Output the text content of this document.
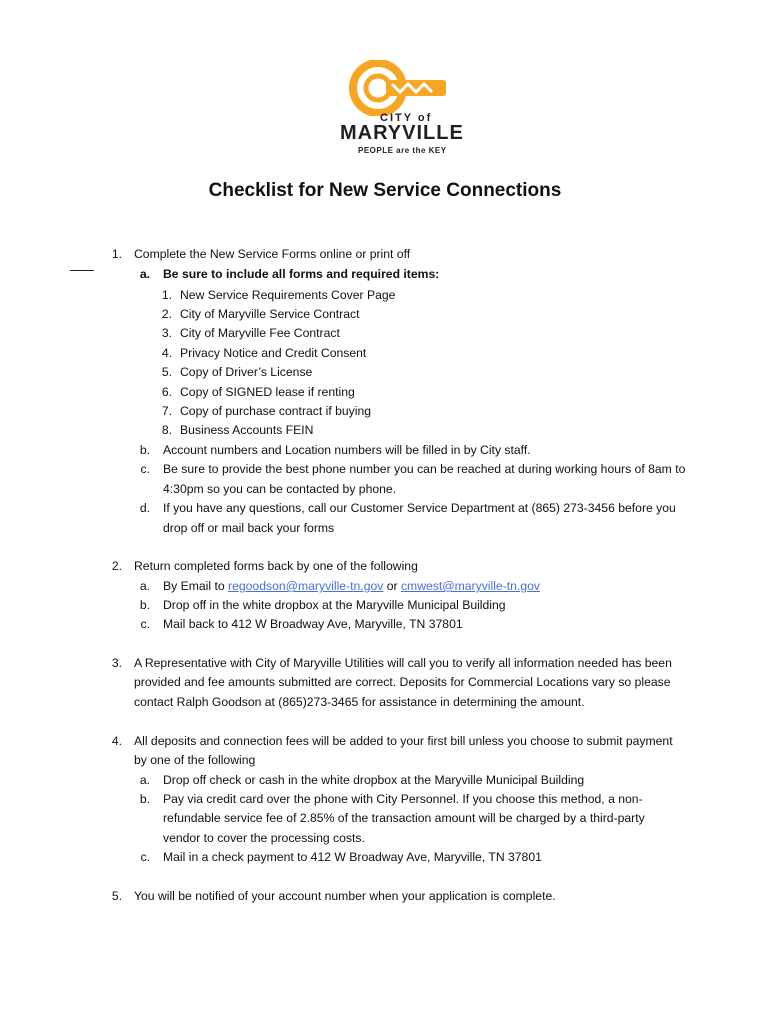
CITY of
MARYVILLE
PEOPLE are the KEY
Checklist for New Service Connections
1. Complete the New Service Forms online or print off
a. Be sure to include all forms and required items:
1. New Service Requirements Cover Page
2. City of Maryville Service Contract
3. City of Maryville Fee Contract
4. Privacy Notice and Credit Consent
5. Copy of Driver’s License
6. Copy of SIGNED lease if renting
7. Copy of purchase contract if buying
8. Business Accounts FEIN
b. Account numbers and Location numbers will be filled in by City staff.
c. Be sure to provide the best phone number you can be reached at during working hours of 8am to
4:30pm so you can be contacted by phone.
d. If you have any questions, call our Customer Service Department at (865) 273-3456 before you
drop off or mail back your forms
2. Return completed forms back by one of the following
a. By Email to regoodson@maryville-tn.gov or cmwest@maryville-tn.gov
b. Drop off in the white dropbox at the Maryville Municipal Building
c. Mail back to 412 W Broadway Ave, Maryville, TN 37801
3. A Representative with City of Maryville Utilities will call you to verify all information needed has been
provided and fee amounts submitted are correct. Deposits for Commercial Locations vary so please
contact Ralph Goodson at (865)273-3465 for assistance in determining the amount.
4. All deposits and connection fees will be added to your first bill unless you choose to submit payment
by one of the following
a. Drop off check or cash in the white dropbox at the Maryville Municipal Building
b. Pay via credit card over the phone with City Personnel. If you choose this method, a non-
refundable service fee of 2.85% of the transaction amount will be charged by a third-party
vendor to cover the processing costs.
c. Mail in a check payment to 412 W Broadway Ave, Maryville, TN 37801
5. You will be notified of your account number when your application is complete.
